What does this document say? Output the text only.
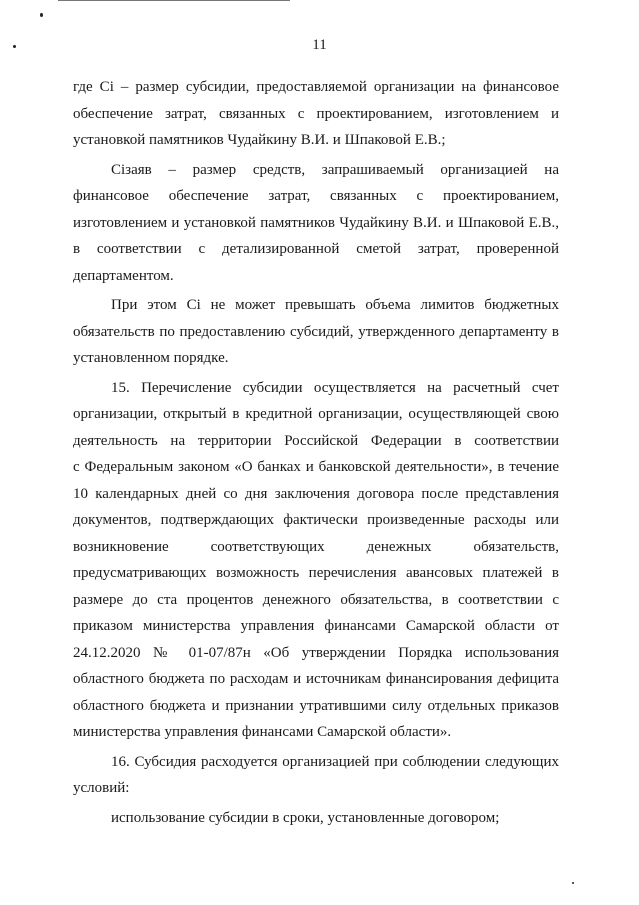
11
где Ci – размер субсидии, предоставляемой организации на финансовое
обеспечение затрат, связанных с проектированием, изготовлением и
установкой памятников Чудайкину В.И. и Шпаковой Е.В.;
Ciзаяв – размер средств, запрашиваемый организацией на
финансовое обеспечение затрат, связанных с проектированием,
изготовлением и установкой памятников Чудайкину В.И. и Шпаковой Е.В.,
в соответствии с детализированной сметой затрат, проверенной
департаментом.
При этом Ci не может превышать объема лимитов бюджетных
обязательств по предоставлению субсидий, утвержденного департаменту в
установленном порядке.
15. Перечисление субсидии осуществляется на расчетный счет
организации, открытый в кредитной организации, осуществляющей свою
деятельность на территории Российской Федерации в соответствии
с Федеральным законом «О банках и банковской деятельности», в течение
10 календарных дней со дня заключения договора после представления
документов, подтверждающих фактически произведенные расходы или
возникновение соответствующих денежных обязательств,
предусматривающих возможность перечисления авансовых платежей в
размере до ста процентов денежного обязательства, в соответствии с
приказом министерства управления финансами Самарской области от
24.12.2020 № 01-07/87н «Об утверждении Порядка использования
областного бюджета по расходам и источникам финансирования дефицита
областного бюджета и признании утратившими силу отдельных приказов
министерства управления финансами Самарской области».
16. Субсидия расходуется организацией при соблюдении следующих
условий:
использование субсидии в сроки, установленные договором;
